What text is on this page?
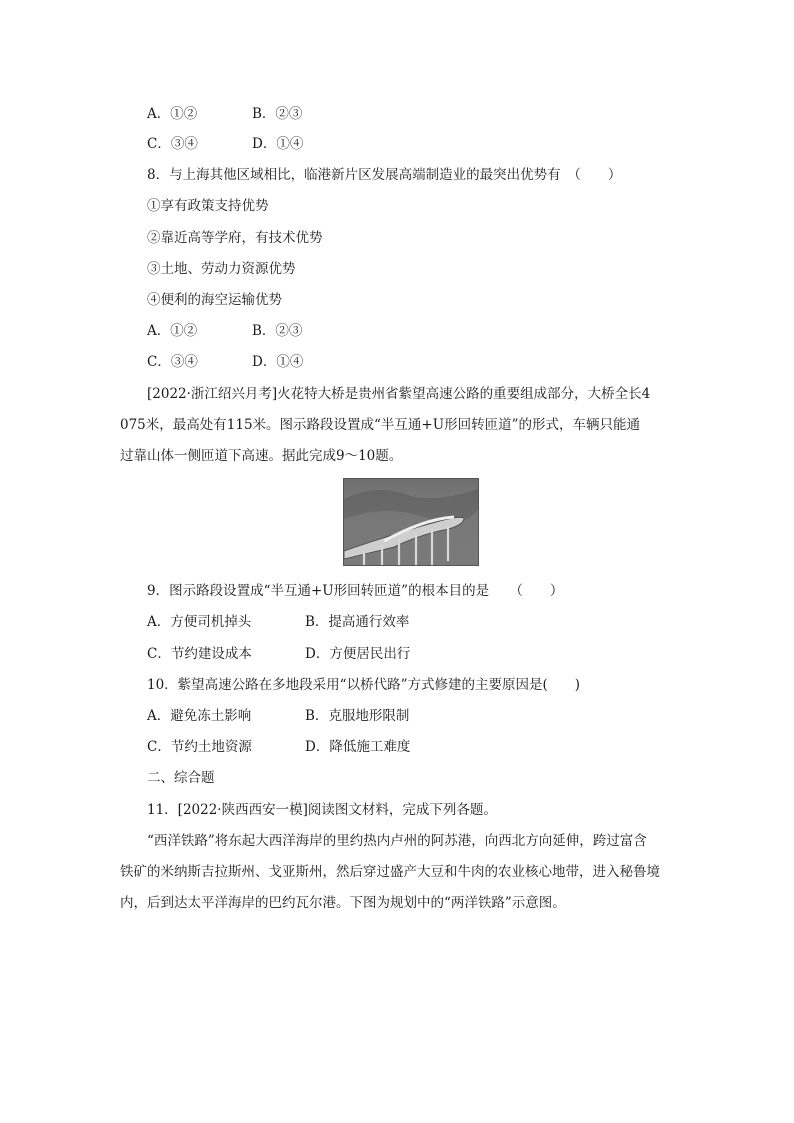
A．①②	B．②③
C．③④	D．①④
8．与上海其他区域相比，临港新片区发展高端制造业的最突出优势有　（　　）
①享有政策支持优势
②靠近高等学府，有技术优势
③土地、劳动力资源优势
④便利的海空运输优势
A．①②	B．②③
C．③④	D．①④
[2022·浙江绍兴月考]火花特大桥是贵州省紫望高速公路的重要组成部分，大桥全长4
075米，最高处有115米。图示路段设置成“半互通+U形回转匝道”的形式，车辆只能通
过靠山体一侧匝道下高速。据此完成9～10题。
9．图示路段设置成“半互通+U形回转匝道”的根本目的是　　（　　）
A．方便司机掉头	B．提高通行效率
C．节约建设成本	D．方便居民出行
10．紫望高速公路在多地段采用“以桥代路”方式修建的主要原因是(　　)
A．避免冻土影响	B．克服地形限制
C．节约土地资源	D．降低施工难度
二、综合题
11．[2022·陕西西安一模]阅读图文材料，完成下列各题。
“西洋铁路”将东起大西洋海岸的里约热内卢州的阿苏港，向西北方向延伸，跨过富含
铁矿的米纳斯吉拉斯州、戈亚斯州，然后穿过盛产大豆和牛肉的农业核心地带，进入秘鲁境
内，后到达太平洋海岸的巴约瓦尔港。下图为规划中的“两洋铁路”示意图。
